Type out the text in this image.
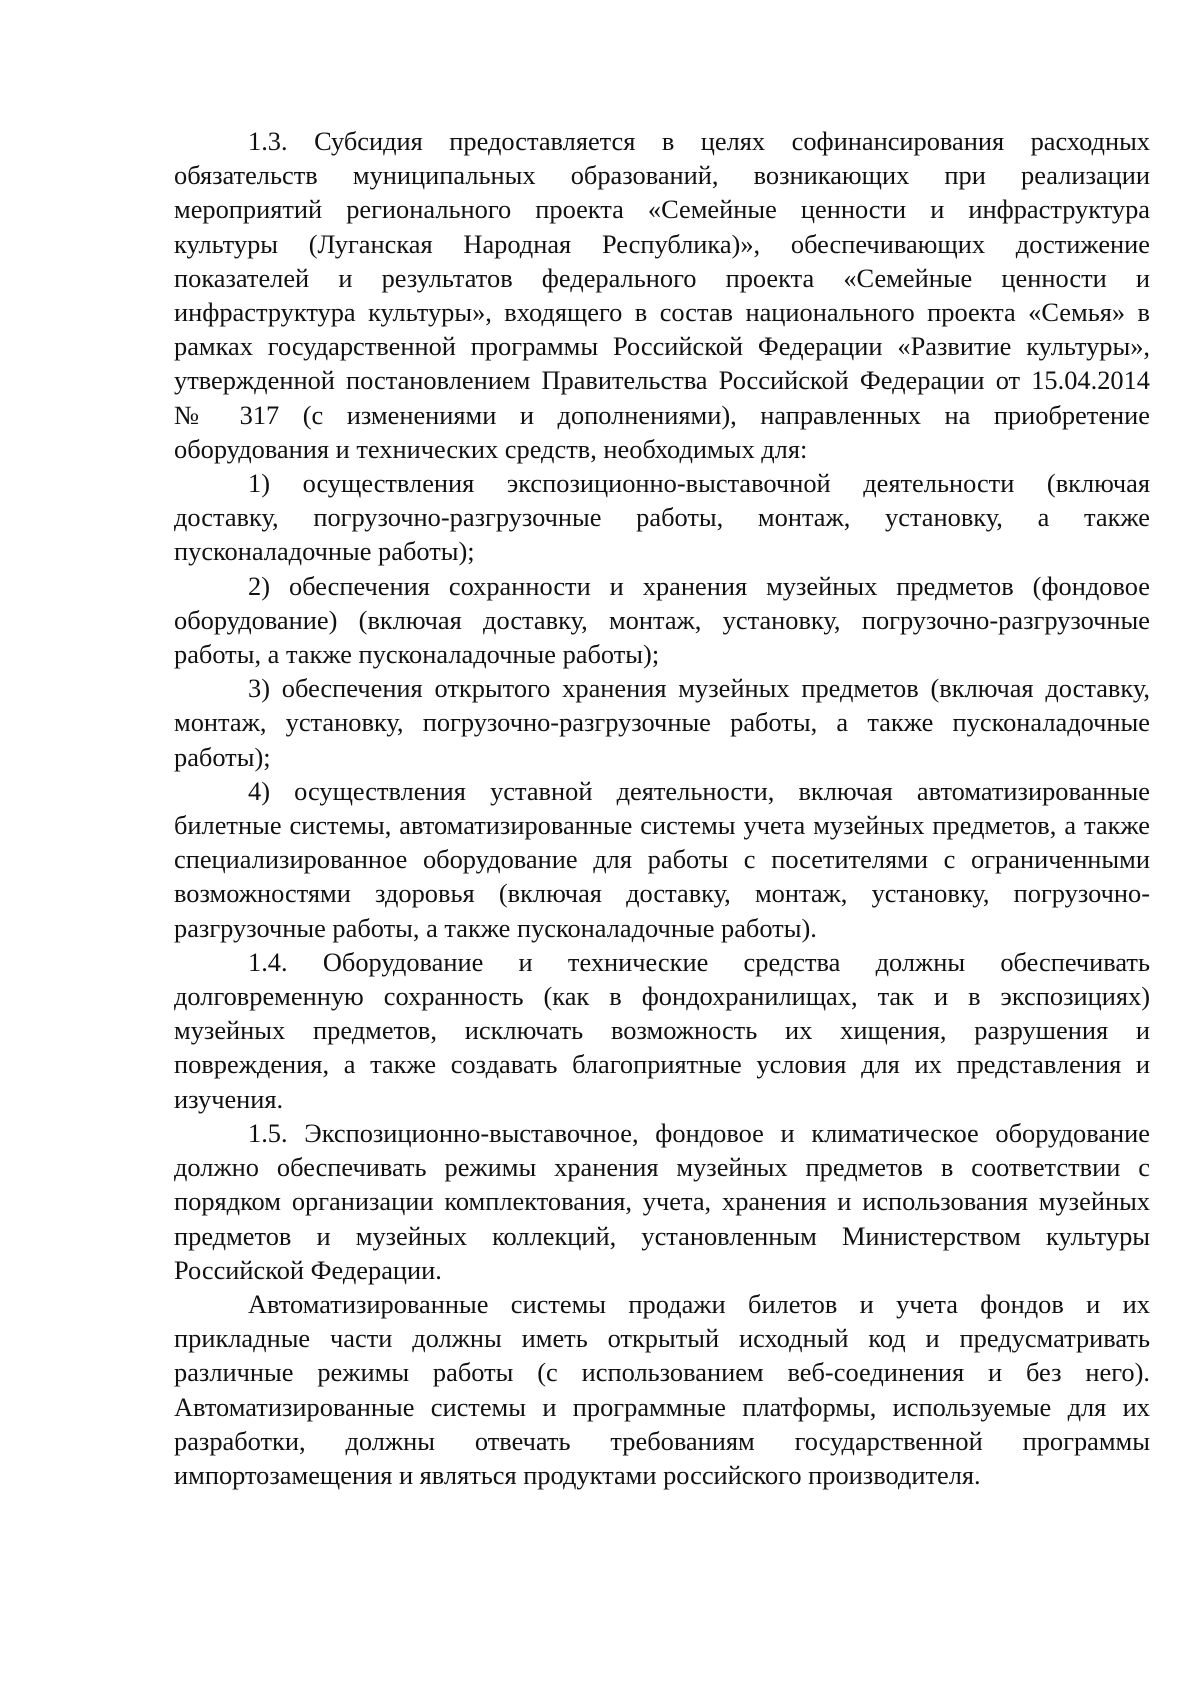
1.3. Субсидия предоставляется в целях софинансирования расходных обязательств муниципальных образований, возникающих при реализации мероприятий регионального проекта «Семейные ценности и инфраструктура культуры (Луганская Народная Республика)», обеспечивающих достижение показателей и результатов федерального проекта «Семейные ценности и инфраструктура культуры», входящего в состав национального проекта «Семья» в рамках государственной программы Российской Федерации «Развитие культуры», утвержденной постановлением Правительства Российской Федерации от 15.04.2014 № 317 (с изменениями и дополнениями), направленных на приобретение оборудования и технических средств, необходимых для:

1) осуществления экспозиционно-выставочной деятельности (включая доставку, погрузочно-разгрузочные работы, монтаж, установку, а также пусконаладочные работы);

2) обеспечения сохранности и хранения музейных предметов (фондовое оборудование) (включая доставку, монтаж, установку, погрузочно-разгрузочные работы, а также пусконаладочные работы);

3) обеспечения открытого хранения музейных предметов (включая доставку, монтаж, установку, погрузочно-разгрузочные работы, а также пусконаладочные работы);

4) осуществления уставной деятельности, включая автоматизированные билетные системы, автоматизированные системы учета музейных предметов, а также специализированное оборудование для работы с посетителями с ограниченными возможностями здоровья (включая доставку, монтаж, установку, погрузочно-разгрузочные работы, а также пусконаладочные работы).

1.4. Оборудование и технические средства должны обеспечивать долговременную сохранность (как в фондохранилищах, так и в экспозициях) музейных предметов, исключать возможность их хищения, разрушения и повреждения, а также создавать благоприятные условия для их представления и изучения.

1.5. Экспозиционно-выставочное, фондовое и климатическое оборудование должно обеспечивать режимы хранения музейных предметов в соответствии с порядком организации комплектования, учета, хранения и использования музейных предметов и музейных коллекций, установленным Министерством культуры Российской Федерации.

Автоматизированные системы продажи билетов и учета фондов и их прикладные части должны иметь открытый исходный код и предусматривать различные режимы работы (с использованием веб-соединения и без него). Автоматизированные системы и программные платформы, используемые для их разработки, должны отвечать требованиям государственной программы импортозамещения и являться продуктами российского производителя.
